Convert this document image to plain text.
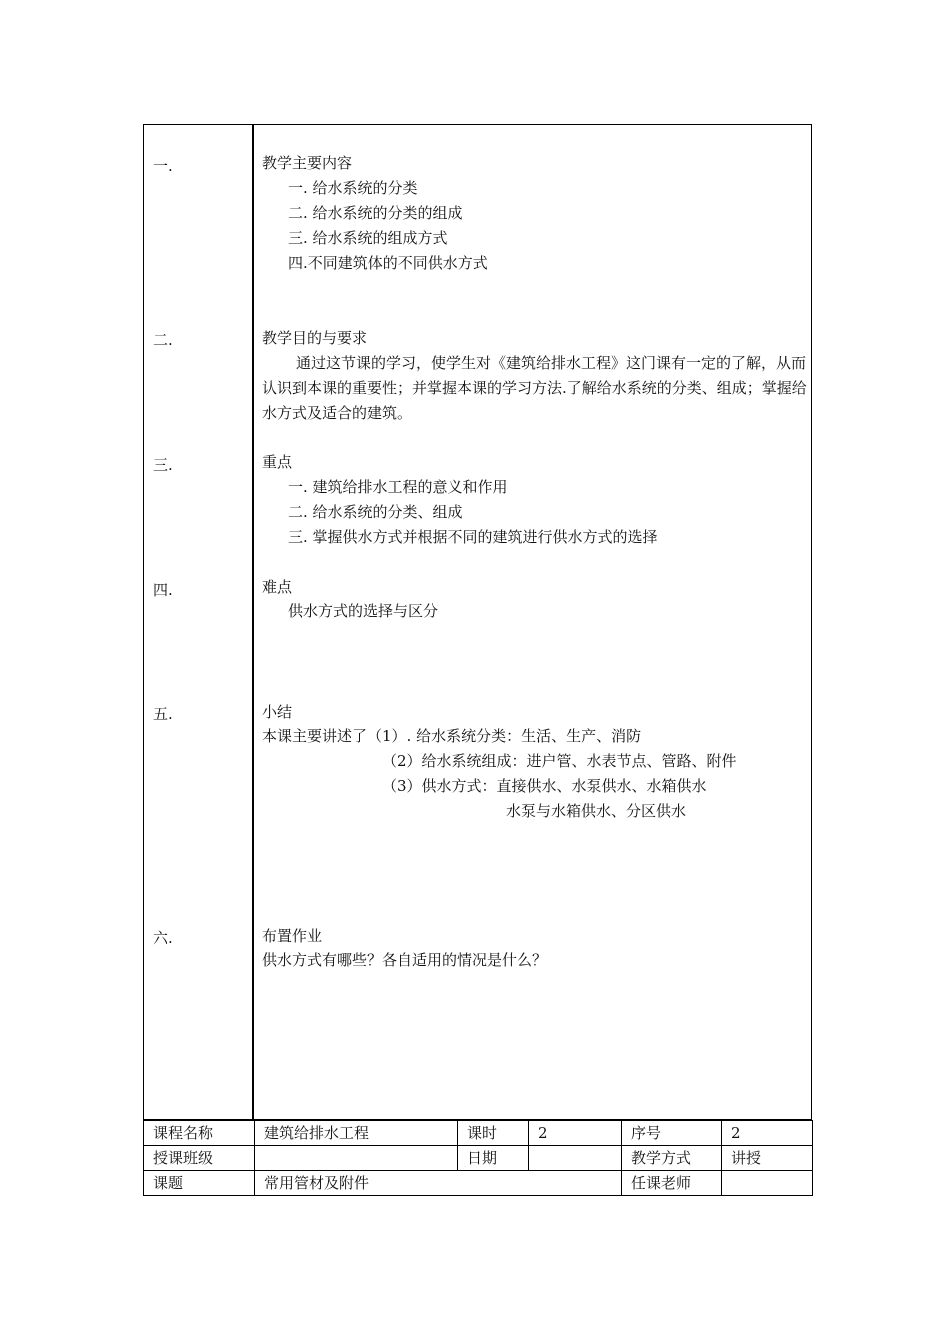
一.	教学主要内容
一. 给水系统的分类
二. 给水系统的分类的组成
三. 给水系统的组成方式
四.不同建筑体的不同供水方式
二.	教学目的与要求
通过这节课的学习，使学生对《建筑给排水工程》这门课有一定的了解，从而认识到本课的重要性；并掌握本课的学习方法.了解给水系统的分类、组成；掌握给水方式及适合的建筑。
三.	重点
一. 建筑给排水工程的意义和作用
二. 给水系统的分类、组成
三. 掌握供水方式并根据不同的建筑进行供水方式的选择
四.	难点
供水方式的选择与区分
五.	小结
本课主要讲述了（1）. 给水系统分类：生活、生产、消防
（2）给水系统组成：进户管、水表节点、管路、附件
（3）供水方式：直接供水、水泵供水、水箱供水
水泵与水箱供水、分区供水
六.	布置作业
供水方式有哪些？各自适用的情况是什么？
课程名称	建筑给排水工程	课时	2	序号	2
授课班级		日期		教学方式	讲授
课题	常用管材及附件			任课老师	
